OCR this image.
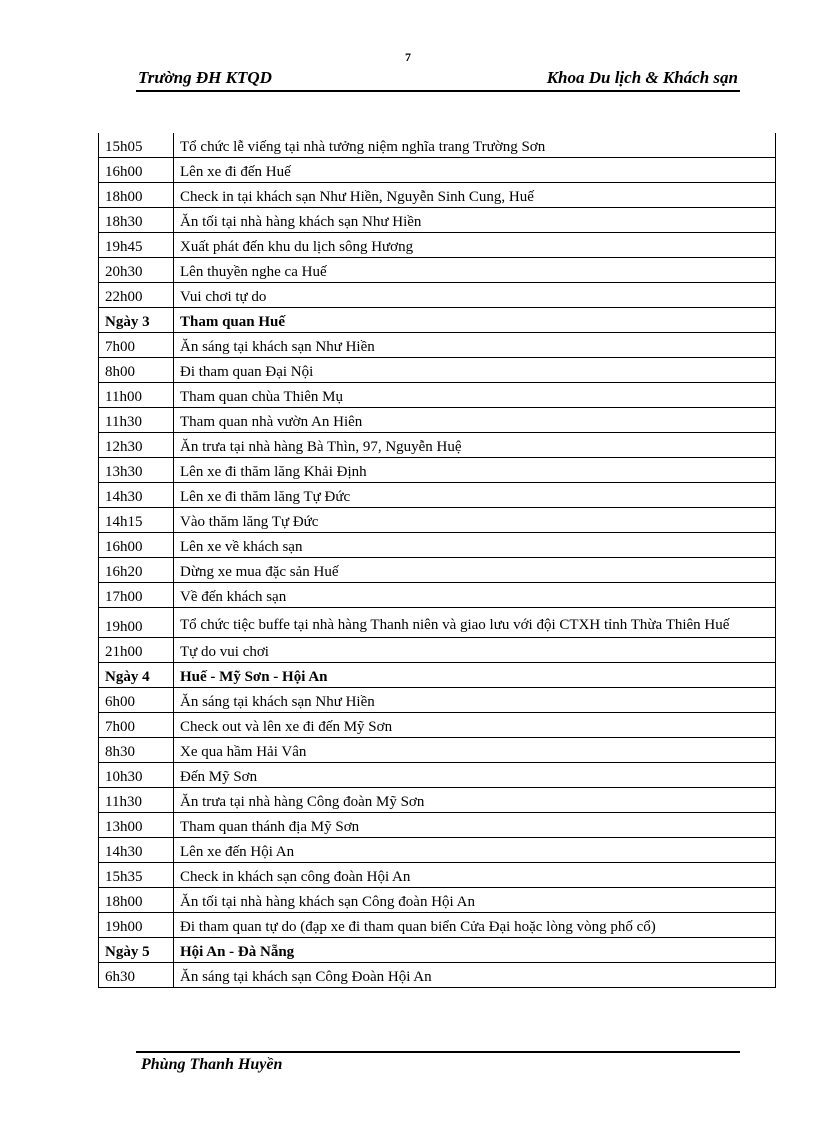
7
Trường ĐH KTQD	Khoa Du lịch & Khách sạn
15h05	Tổ chức lễ viếng tại nhà tưởng niệm nghĩa trang Trường Sơn
16h00	Lên xe đi đến Huế
18h00	Check in tại khách sạn Như Hiền, Nguyễn Sinh Cung, Huế
18h30	Ăn tối tại nhà hàng khách sạn Như Hiền
19h45	Xuất phát đến khu du lịch sông Hương
20h30	Lên thuyền nghe ca Huế
22h00	Vui chơi tự do
Ngày 3	Tham quan Huế
7h00	Ăn sáng tại khách sạn Như Hiền
8h00	Đi tham quan Đại Nội
11h00	Tham quan chùa Thiên Mụ
11h30	Tham quan nhà vườn An Hiên
12h30	Ăn trưa tại nhà hàng Bà Thìn, 97, Nguyễn Huệ
13h30	Lên xe đi thăm lăng Khải Định
14h30	Lên xe đi thăm lăng Tự Đức
14h15	Vào thăm lăng Tự Đức
16h00	Lên xe về khách sạn
16h20	Dừng xe mua đặc sản Huế
17h00	Về đến khách sạn
19h00	Tổ chức tiệc buffe tại nhà hàng Thanh niên và giao lưu với đội CTXH tỉnh Thừa Thiên Huế
21h00	Tự do vui chơi
Ngày 4	Huế - Mỹ Sơn - Hội An
6h00	Ăn sáng tại khách sạn Như Hiền
7h00	Check out và lên xe đi đến Mỹ Sơn
8h30	Xe qua hầm Hải Vân
10h30	Đến Mỹ Sơn
11h30	Ăn trưa tại nhà hàng Công đoàn Mỹ Sơn
13h00	Tham quan thánh địa Mỹ Sơn
14h30	Lên xe đến Hội An
15h35	Check in khách sạn công đoàn Hội An
18h00	Ăn tối tại nhà hàng khách sạn Công đoàn Hội An
19h00	Đi tham quan tự do (đạp xe đi tham quan biển Cửa Đại hoặc lòng vòng phố cổ)
Ngày 5	Hội An - Đà Nẵng
6h30	Ăn sáng tại khách sạn Công Đoàn Hội An
Phùng Thanh Huyền
